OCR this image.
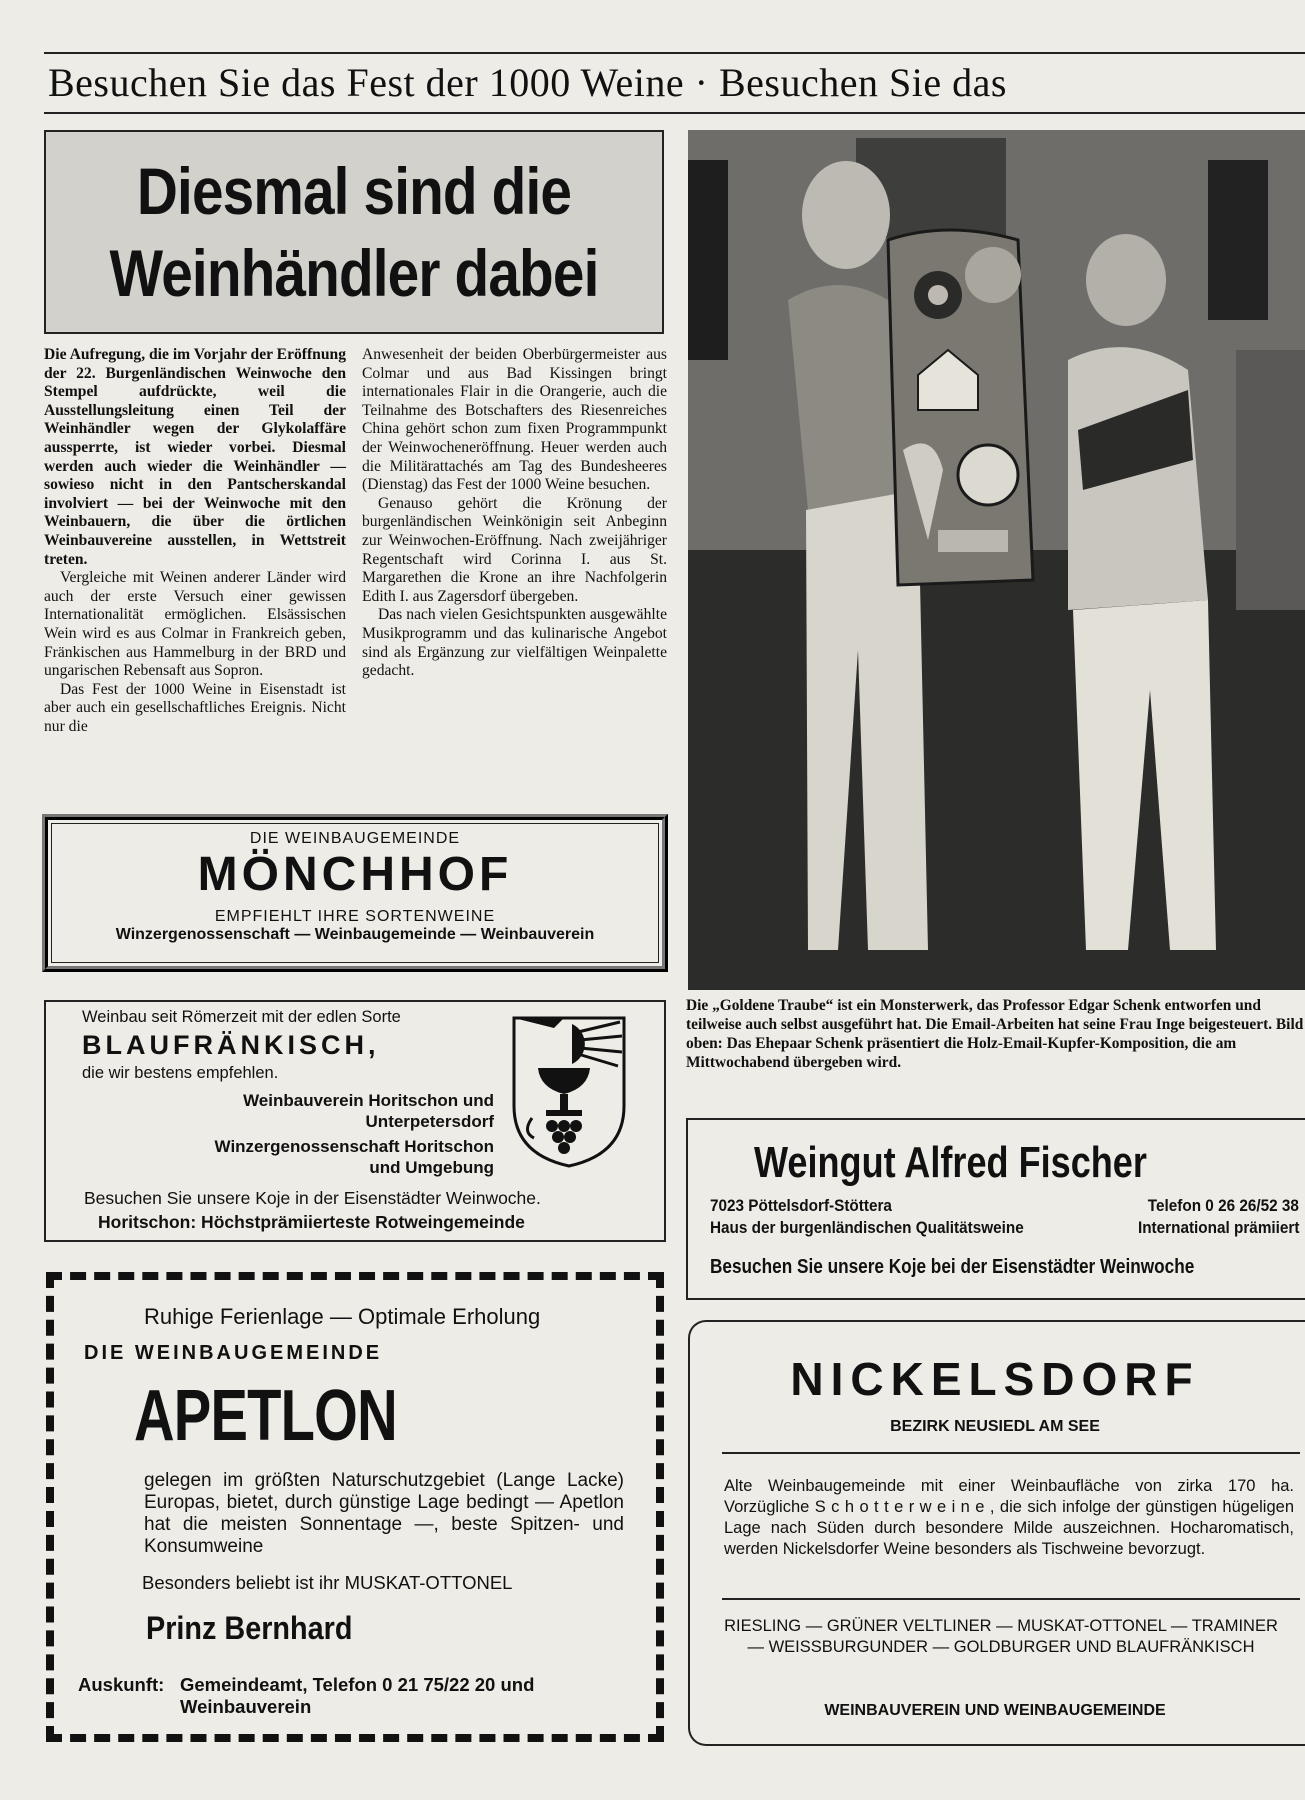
Besuchen Sie das Fest der 1000 Weine · Besuchen Sie das
Diesmal sind die
Weinhändler dabei

Die Aufregung, die im Vorjahr der Eröffnung der 22. Burgenländischen Weinwoche den Stempel aufdrückte, weil die Ausstellungsleitung einen Teil der Weinhändler wegen der Glykolaffäre aussperrte, ist wieder vorbei. Diesmal werden auch wieder die Weinhändler — sowieso nicht in den Pantscherskandal involviert — bei der Weinwoche mit den Weinbauern, die über die örtlichen Weinbauvereine ausstellen, in Wettstreit treten.

Vergleiche mit Weinen anderer Länder wird auch der erste Versuch einer gewissen Internationalität ermöglichen. Elsässischen Wein wird es aus Colmar in Frankreich geben, Fränkischen aus Hammelburg in der BRD und ungarischen Rebensaft aus Sopron.

Das Fest der 1000 Weine in Eisenstadt ist aber auch ein gesellschaftliches Ereignis. Nicht nur die

Anwesenheit der beiden Oberbürgermeister aus Colmar und aus Bad Kissingen bringt internationales Flair in die Orangerie, auch die Teilnahme des Botschafters des Riesenreiches China gehört schon zum fixen Programmpunkt der Weinwocheneröffnung. Heuer werden auch die Militärattachés am Tag des Bundesheeres (Dienstag) das Fest der 1000 Weine besuchen.

Genauso gehört die Krönung der burgenländischen Weinkönigin seit Anbeginn zur Weinwochen-Eröffnung. Nach zweijähriger Regentschaft wird Corinna I. aus St. Margarethen die Krone an ihre Nachfolgerin Edith I. aus Zagersdorf übergeben.

Das nach vielen Gesichtspunkten ausgewählte Musikprogramm und das kulinarische Angebot sind als Ergänzung zur vielfältigen Weinpalette gedacht.

DIE WEINBAUGEMEINDE
MÖNCHHOF
EMPFIEHLT IHRE SORTENWEINE
Winzergenossenschaft — Weinbaugemeinde — Weinbauverein
Weinbau seit Römerzeit mit der edlen Sorte
BLAUFRÄNKISCH,
die wir bestens empfehlen.
Weinbauverein Horitschon und
Unterpetersdorf
Winzergenossenschaft Horitschon
und Umgebung
Besuchen Sie unsere Koje in der Eisenstädter Weinwoche.
Horitschon: Höchstprämiierteste Rotweingemeinde
Ruhige Ferienlage — Optimale Erholung
DIE WEINBAUGEMEINDE
APETLON
gelegen im größten Naturschutzgebiet (Lange Lacke) Europas, bietet, durch günstige Lage bedingt — Apetlon hat die meisten Sonnentage —, beste Spitzen- und Konsumweine
Besonders beliebt ist ihr MUSKAT-OTTONEL
Prinz Bernhard
Auskunft: Gemeindeamt, Telefon 0 21 75/22 20 und
Weinbauverein
Die „Goldene Traube“ ist ein Monsterwerk, das Professor Edgar Schenk entworfen und teilweise auch selbst ausgeführt hat. Die Email-Arbeiten hat seine Frau Inge beigesteuert. Bild oben: Das Ehepaar Schenk präsentiert die Holz-Email-Kupfer-Komposition, die am Mittwochabend übergeben wird.
Weingut Alfred Fischer
7023 Pöttelsdorf-Stöttera	Telefon 0 26 26/52 38
Haus der burgenländischen Qualitätsweine	International prämiiert
Besuchen Sie unsere Koje bei der Eisenstädter Weinwoche
NICKELSDORF
BEZIRK NEUSIEDL AM SEE
Alte Weinbaugemeinde mit einer Weinbaufläche von zirka 170 ha. Vorzügliche S c h o t t e r w e i n e , die sich infolge der günstigen hügeligen Lage nach Süden durch besondere Milde auszeichnen. Hocharomatisch, werden Nickelsdorfer Weine besonders als Tischweine bevorzugt.
RIESLING — GRÜNER VELTLINER — MUSKAT-OTTONEL — TRAMINER — WEISSBURGUNDER — GOLDBURGER UND BLAUFRÄNKISCH
WEINBAUVEREIN UND WEINBAUGEMEINDE
